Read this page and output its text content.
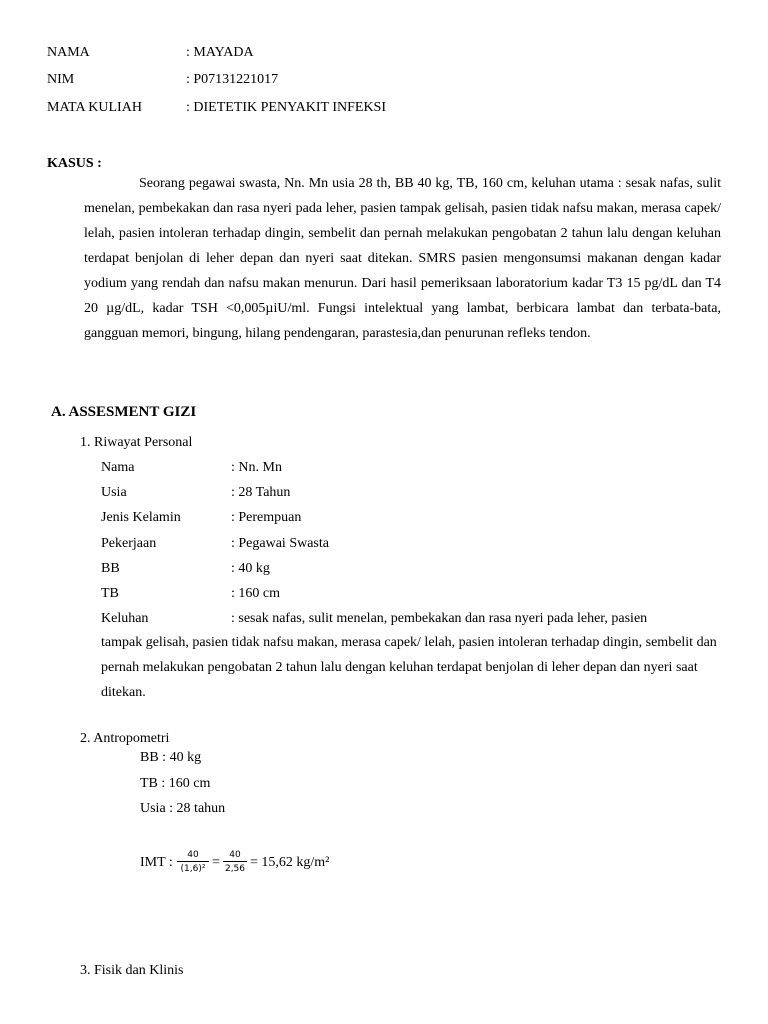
NAMA	: MAYADA
NIM	: P07131221017
MATA KULIAH	: DIETETIK PENYAKIT INFEKSI
KASUS :
Seorang pegawai swasta, Nn. Mn usia 28 th, BB 40 kg, TB, 160 cm, keluhan utama : sesak nafas, sulit menelan, pembekakan dan rasa nyeri pada leher, pasien tampak gelisah, pasien tidak nafsu makan, merasa capek/ lelah, pasien intoleran terhadap dingin, sembelit dan pernah melakukan pengobatan 2 tahun lalu dengan keluhan terdapat benjolan di leher depan dan nyeri saat ditekan. SMRS pasien mengonsumsi makanan dengan kadar yodium yang rendah dan nafsu makan menurun. Dari hasil pemeriksaan laboratorium kadar T3 15 pg/dL dan T4 20 µg/dL, kadar TSH <0,005µiU/ml. Fungsi intelektual yang lambat, berbicara lambat dan terbata-bata, gangguan memori, bingung, hilang pendengaran, parastesia,dan penurunan refleks tendon.
A. ASSESMENT GIZI
1. Riwayat Personal
Nama	: Nn. Mn
Usia	: 28 Tahun
Jenis Kelamin	: Perempuan
Pekerjaan	: Pegawai Swasta
BB	: 40 kg
TB	: 160 cm
Keluhan	: sesak nafas, sulit menelan, pembekakan dan rasa nyeri pada leher, pasien
tampak gelisah, pasien tidak nafsu makan, merasa capek/ lelah, pasien intoleran terhadap dingin, sembelit dan pernah melakukan pengobatan 2 tahun lalu dengan keluhan terdapat benjolan di leher depan dan nyeri saat ditekan.
2. Antropometri
BB : 40 kg
TB : 160 cm
Usia : 28 tahun
IMT :	40
(1,6)² =	40
2,56 = 15,62 kg/m²
3. Fisik dan Klinis
